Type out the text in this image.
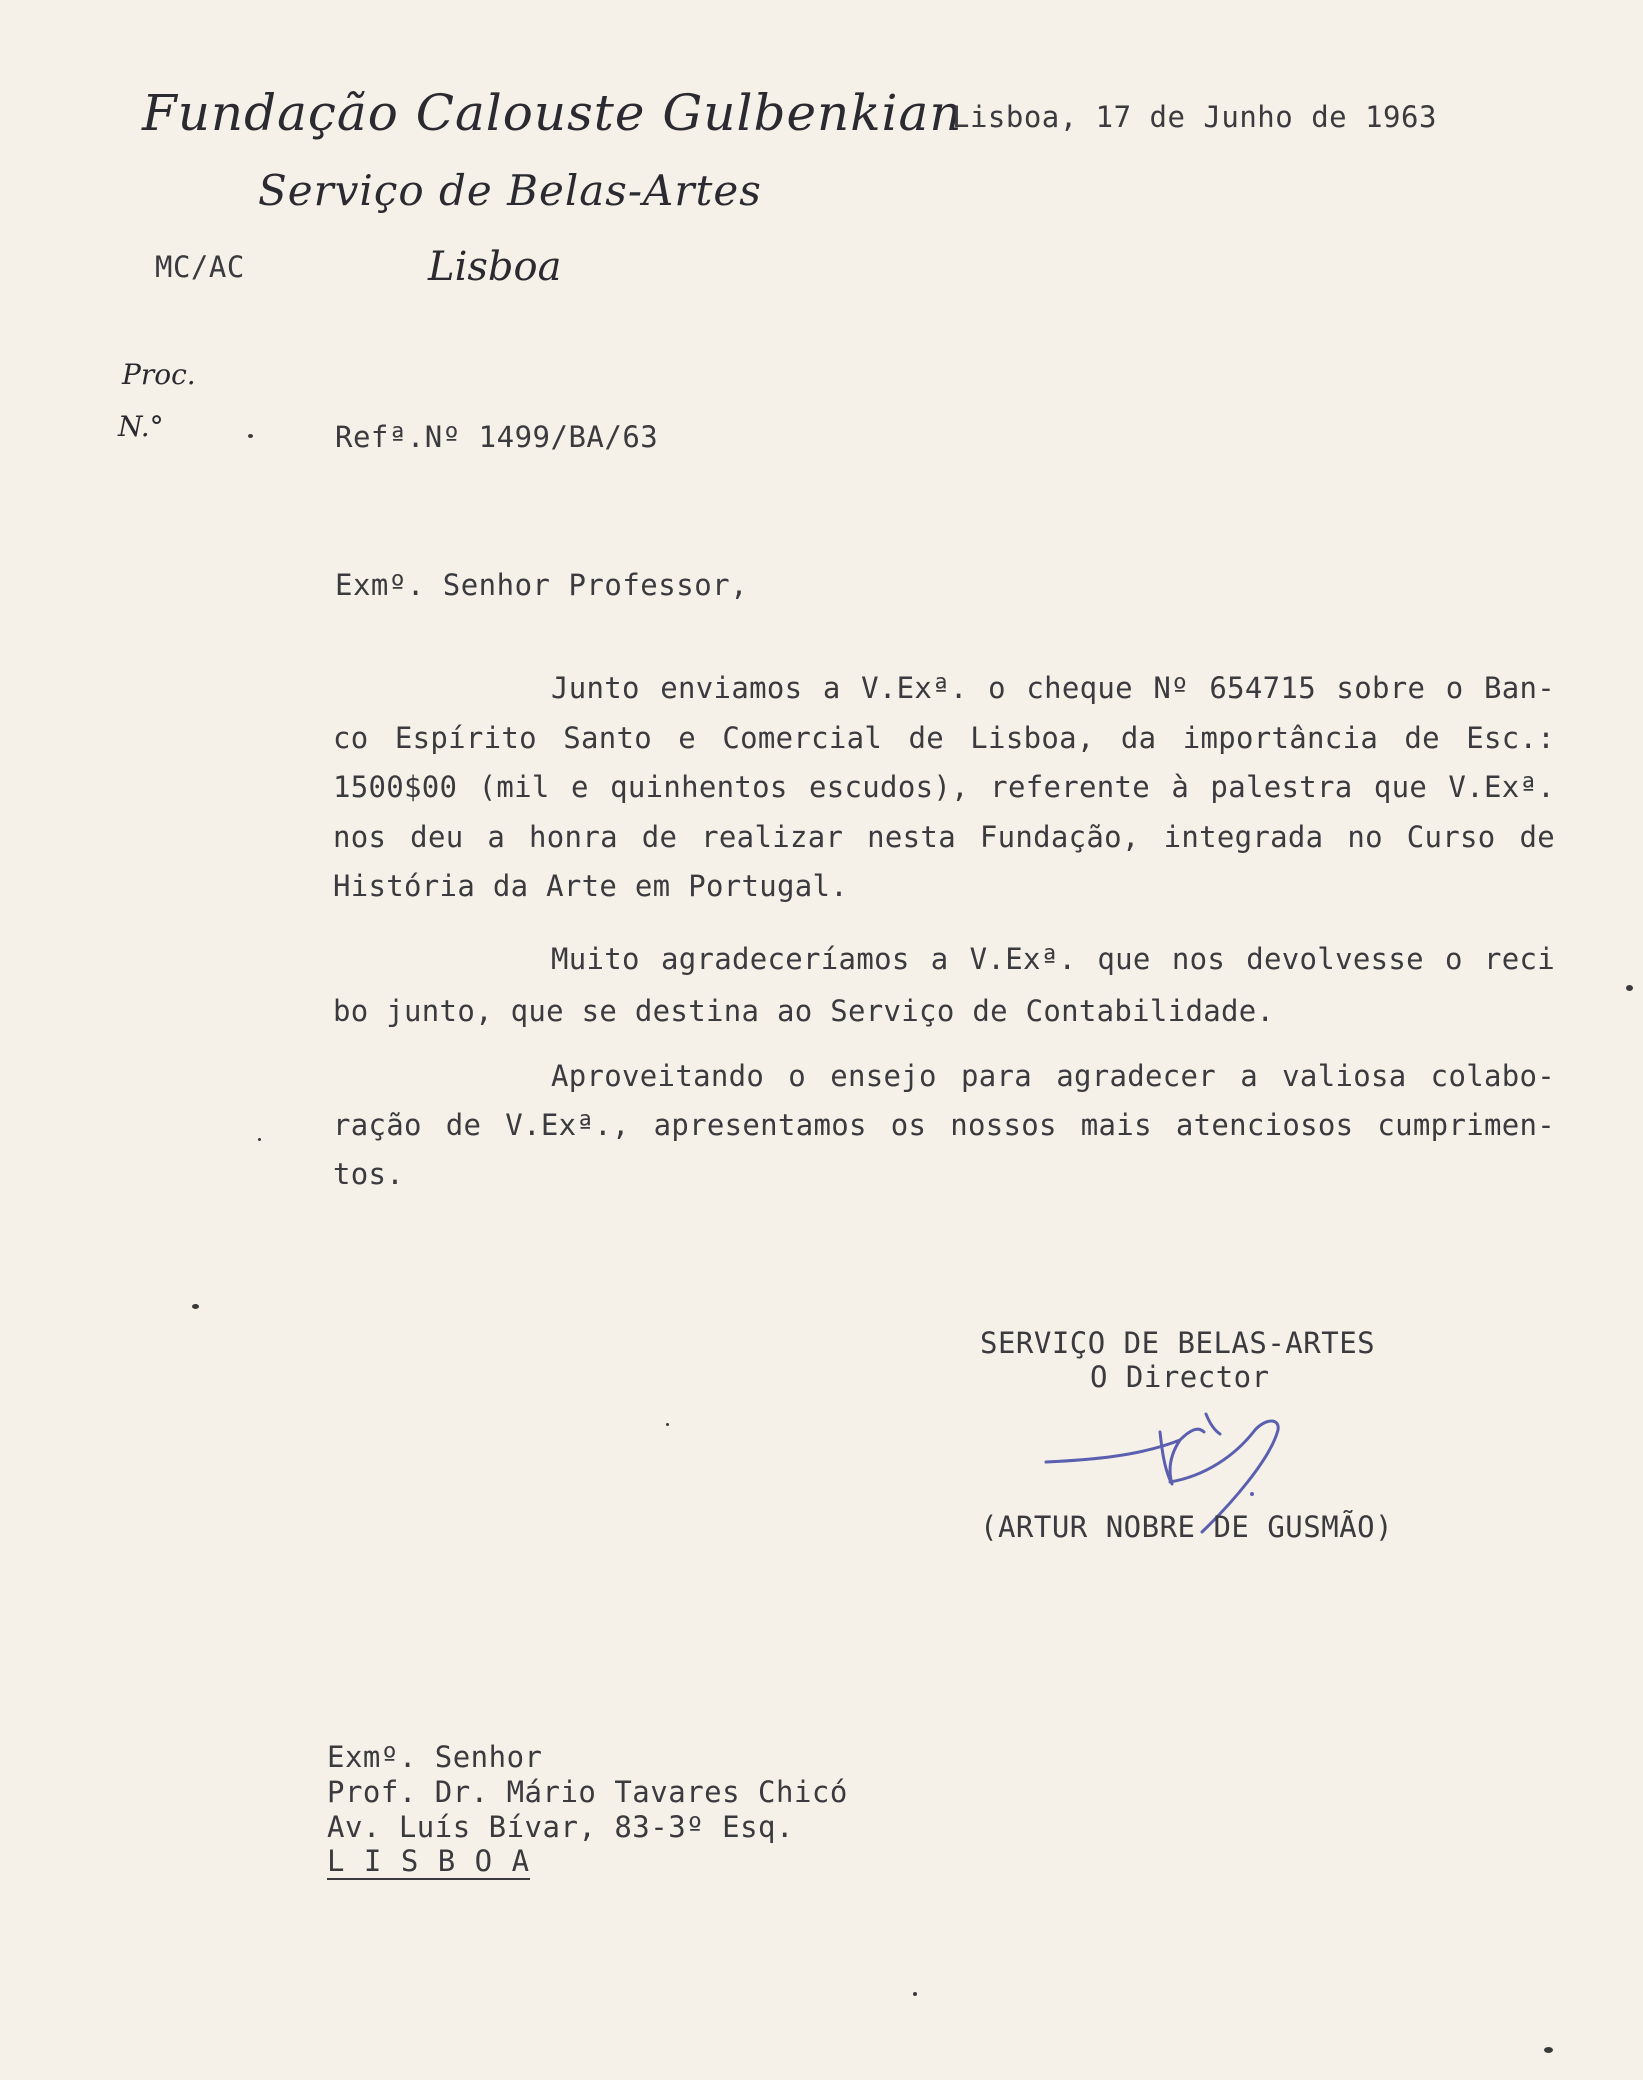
Fundação Calouste Gulbenkian
Serviço de Belas-Artes
Lisboa
Lisboa, 17 de Junho de 1963
MC/AC
Proc.
N.°	Refª.Nº 1499/BA/63
Exmº. Senhor Professor,
Junto enviamos a V.Exª. o cheque Nº 654715 sobre o Ban-
co Espírito Santo e Comercial de Lisboa, da importância de Esc.:
1500$00 (mil e quinhentos escudos), referente à palestra que V.Exª.
nos deu a honra de realizar nesta Fundação, integrada no Curso de
História da Arte em Portugal.
Muito agradeceríamos a V.Exª. que nos devolvesse o reci
bo junto, que se destina ao Serviço de Contabilidade.
Aproveitando o ensejo para agradecer a valiosa colabo-
ração de V.Exª., apresentamos os nossos mais atenciosos cumprimen-
tos.
SERVIÇO DE BELAS-ARTES
O Director
(ARTUR NOBRE DE GUSMÃO)
Exmº. Senhor
Prof. Dr. Mário Tavares Chicó
Av. Luís Bívar, 83-3º Esq.
L I S B O A
